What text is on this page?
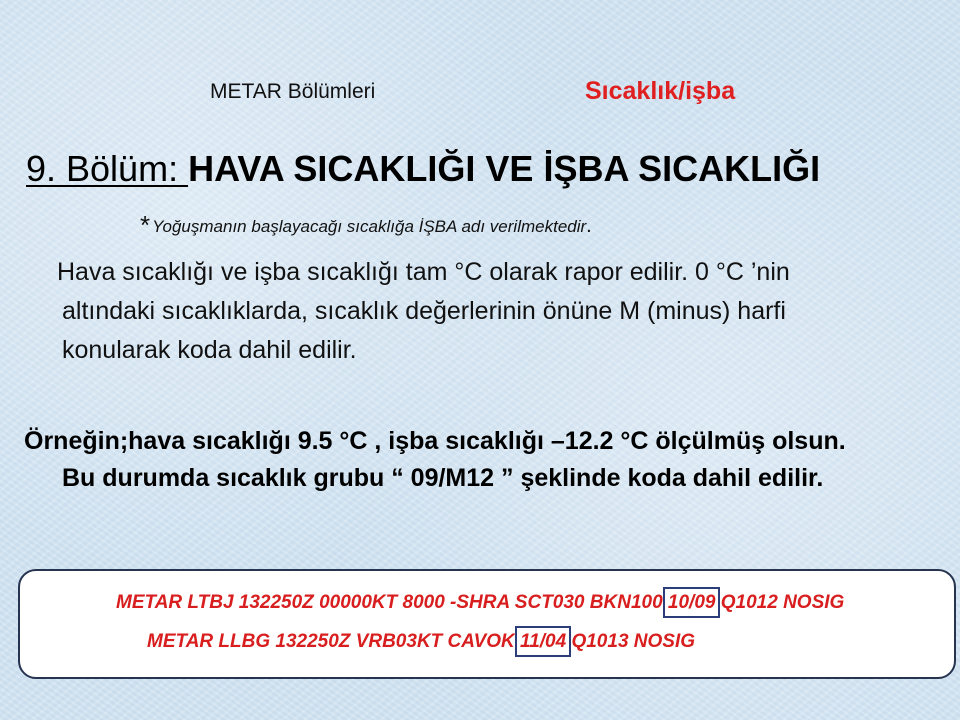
METAR Bölümleri	Sıcaklık/işba
9. Bölüm: HAVA SICAKLIĞI VE İŞBA SICAKLIĞI
* Yoğuşmanın başlayacağı sıcaklığa İŞBA adı verilmektedir.
Hava sıcaklığı ve işba sıcaklığı tam °C olarak rapor edilir. 0 °C ’nin
altındaki sıcaklıklarda, sıcaklık değerlerinin önüne M (minus) harfi
konularak koda dahil edilir.
Örneğin;hava sıcaklığı 9.5 °C , işba sıcaklığı –12.2 °C ölçülmüş olsun.
Bu durumda sıcaklık grubu “ 09/M12 ” şeklinde koda dahil edilir.
METAR LTBJ 132250Z 00000KT 8000 -SHRA SCT030 BKN100 10/09 Q1012 NOSIG
METAR LLBG 132250Z VRB03KT CAVOK 11/04 Q1013 NOSIG
